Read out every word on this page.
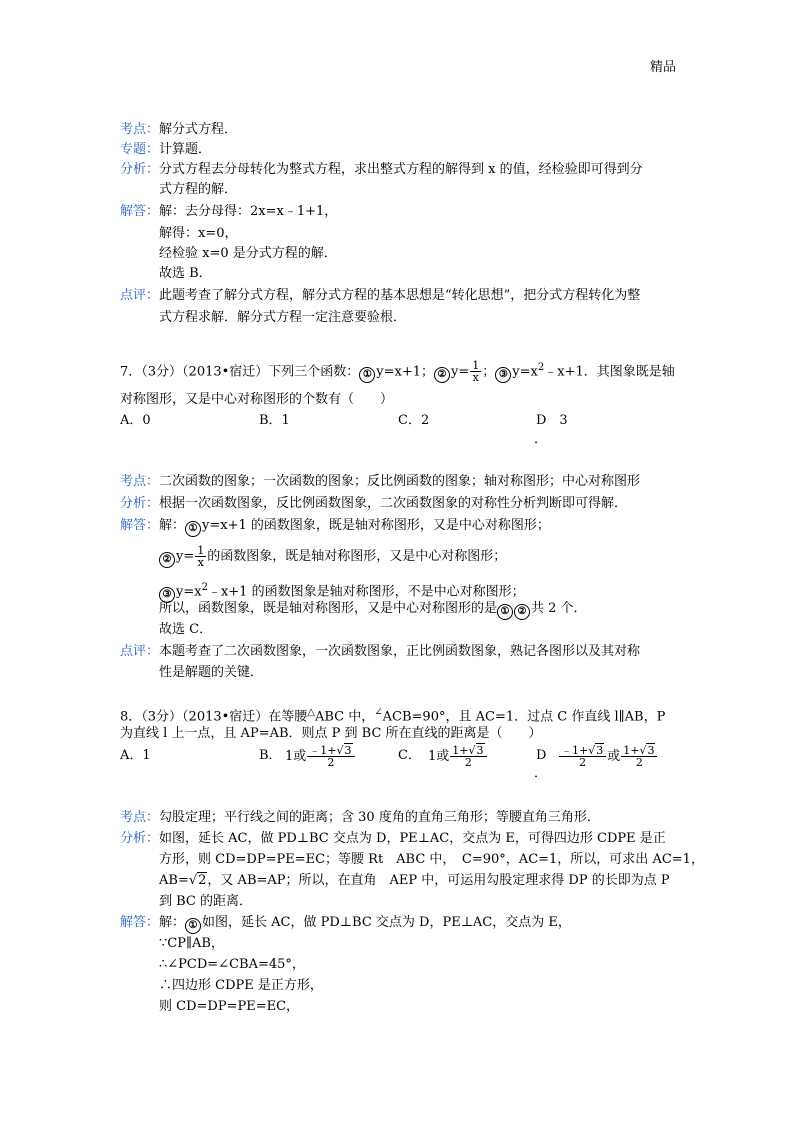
精品
考点：解分式方程．
专题：计算题．
分析：分式方程去分母转化为整式方程，求出整式方程的解得到 x 的值，经检验即可得到分
式方程的解．
解答：解：去分母得：2x=x﹣1+1，
解得：x=0，
经检验 x=0 是分式方程的解．
故选 B．
点评：此题考查了解分式方程，解分式方程的基本思想是“转化思想”，把分式方程转化为整
式方程求解．解分式方程一定注意要验根．
7．（3分）（2013•宿迁）下列三个函数： ① y=x+1； ② $y= \frac{1}{x}$ ； ③ $y=x^2﹣x+1$．其图象既是轴
对称图形，又是中心对称图形的个数有（　　）
A．0	B．1	C．2	D　3
．
考点：二次函数的图象；一次函数的图象；反比例函数的图象；轴对称图形；中心对称图形
分析：根据一次函数图象，反比例函数图象，二次函数图象的对称性分析判断即可得解．
解答：解： ① y=x+1 的函数图象，既是轴对称图形，又是中心对称图形；
② $y= \frac{1}{x}$ 的函数图象，既是轴对称图形，又是中心对称图形；
③ $y=x^2﹣x+1$ 的函数图象是轴对称图形，不是中心对称图形；
所以，函数图象，既是轴对称图形，又是中心对称图形的是 ① ② 共 2 个．
故选 C．
点评：本题考查了二次函数图象，一次函数图象，正比例函数图象，熟记各图形以及其对称
性是解题的关键．
8．（3分）（2013•宿迁）在等腰△ABC 中，∠ACB=90°，且 AC=1．过点 C 作直线 l∥AB，P
为直线 l 上一点，且 AP=AB．则点 P 到 BC 所在直线的距离是（　　）
A．1	B． 1或 $\frac{﹣1+√3}{2}$	C． 1或 $\frac{1+√3}{2}$	D
．
$\frac{﹣1+√3}{2}$ 或 $\frac{1+√3}{2}$
考点：勾股定理；平行线之间的距离；含 30 度角的直角三角形；等腰直角三角形．
分析：如图，延长 AC，做 PD⊥BC 交点为 D，PE⊥AC，交点为 E，可得四边形 CDPE 是正
方形，则 CD=DP=PE=EC；等腰 Rt　ABC 中，　C=90°，AC=1，所以，可求出 AC=1，
AB=√2，又 AB=AP；所以，在直角　AEP 中，可运用勾股定理求得 DP 的长即为点 P
到 BC 的距离．
解答：解： ① 如图，延长 AC，做 PD⊥BC 交点为 D，PE⊥AC，交点为 E，
∵CP∥AB，
∴∠PCD=∠CBA=45°，
∴四边形 CDPE 是正方形，
则 CD=DP=PE=EC，
